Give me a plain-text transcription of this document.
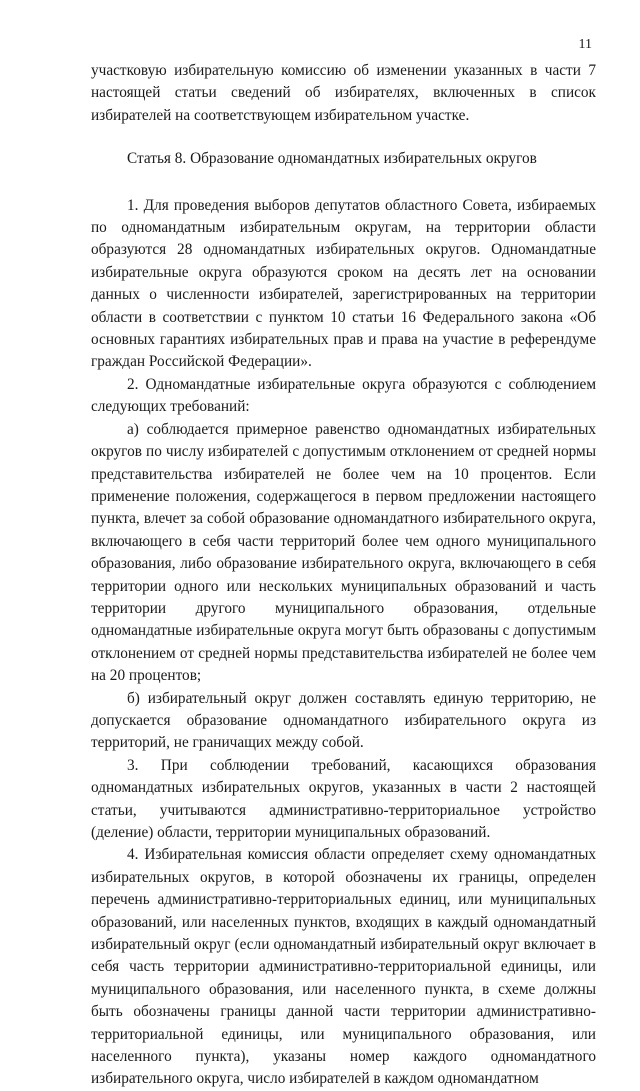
11

участковую избирательную комиссию об изменении указанных в части 7 настоящей статьи сведений об избирателях, включенных в список избирателей на соответствующем избирательном участке.

Статья 8. Образование одномандатных избирательных округов

1. Для проведения выборов депутатов областного Совета, избираемых по одномандатным избирательным округам, на территории области образуются 28 одномандатных избирательных округов. Одномандатные избирательные округа образуются сроком на десять лет на основании данных о численности избирателей, зарегистрированных на территории области в соответствии с пунктом 10 статьи 16 Федерального закона «Об основных гарантиях избирательных прав и права на участие в референдуме граждан Российской Федерации».

2. Одномандатные избирательные округа образуются с соблюдением следующих требований:

а) соблюдается примерное равенство одномандатных избирательных округов по числу избирателей с допустимым отклонением от средней нормы представительства избирателей не более чем на 10 процентов. Если применение положения, содержащегося в первом предложении настоящего пункта, влечет за собой образование одномандатного избирательного округа, включающего в себя части территорий более чем одного муниципального образования, либо образование избирательного округа, включающего в себя территории одного или нескольких муниципальных образований и часть территории другого муниципального образования, отдельные одномандатные избирательные округа могут быть образованы с допустимым отклонением от средней нормы представительства избирателей не более чем на 20 процентов;

б) избирательный округ должен составлять единую территорию, не допускается образование одномандатного избирательного округа из территорий, не граничащих между собой.

3. При соблюдении требований, касающихся образования одномандатных избирательных округов, указанных в части 2 настоящей статьи, учитываются административно-территориальное устройство (деление) области, территории муниципальных образований.

4. Избирательная комиссия области определяет схему одномандатных избирательных округов, в которой обозначены их границы, определен перечень административно-территориальных единиц, или муниципальных образований, или населенных пунктов, входящих в каждый одномандатный избирательный округ (если одномандатный избирательный округ включает в себя часть территории административно-территориальной единицы, или муниципального образования, или населенного пункта, в схеме должны быть обозначены границы данной части территории административно-территориальной единицы, или муниципального образования, или населенного пункта), указаны номер каждого одномандатного избирательного округа, число избирателей в каждом одномандатном
